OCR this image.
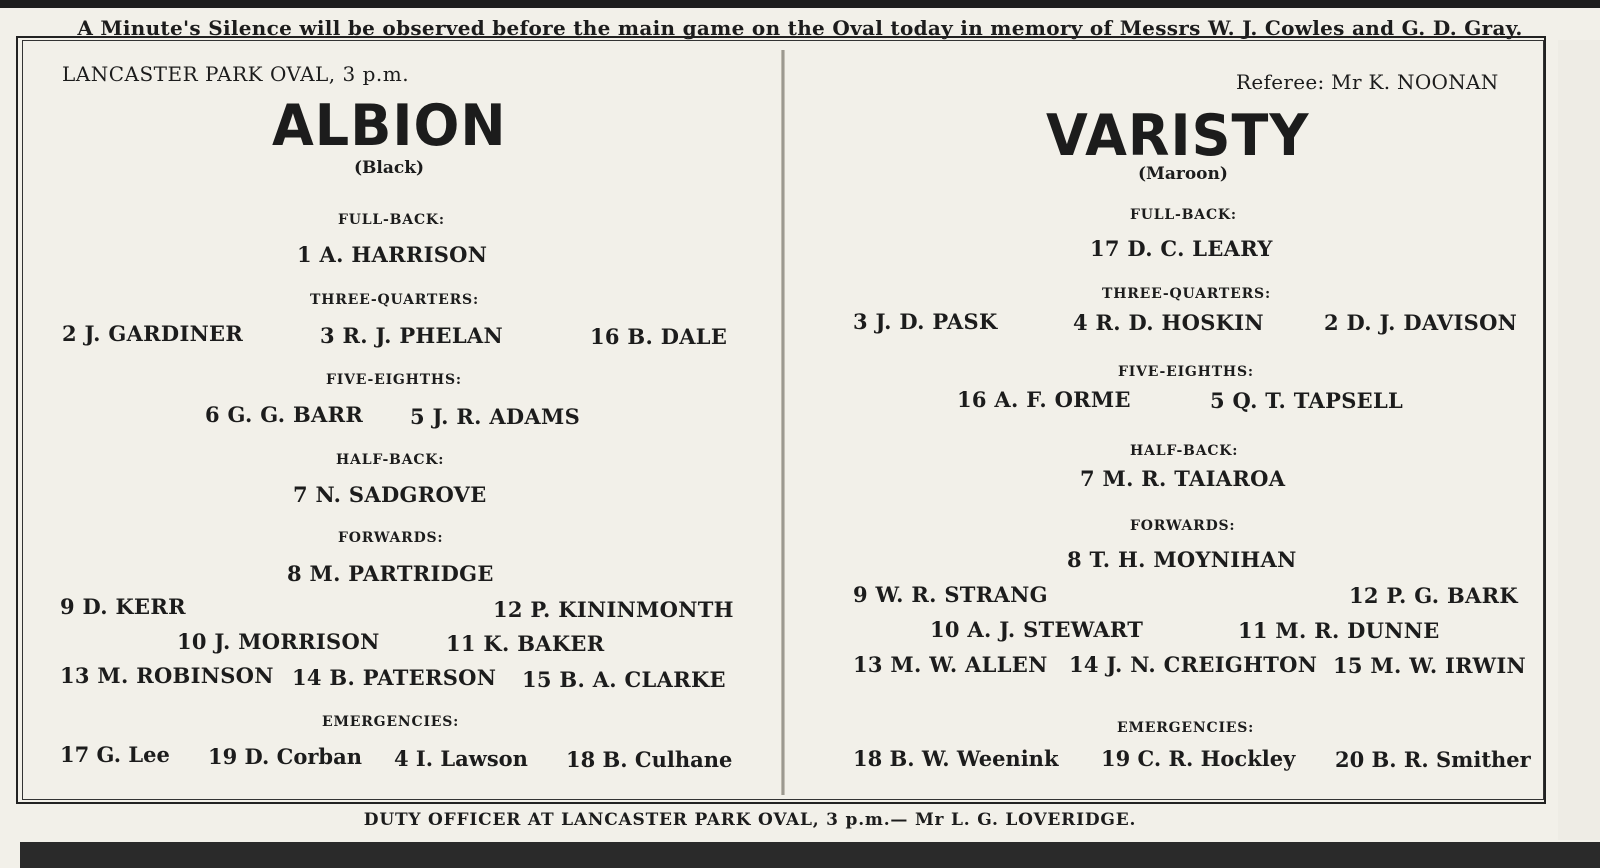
A Minute's Silence will be observed before the main game on the Oval today in memory of Messrs W. J. Cowles and G. D. Gray.
LANCASTER PARK OVAL, 3 p.m.
ALBION
(Black)
FULL-BACK:
1 A. HARRISON
THREE-QUARTERS:
2 J. GARDINER	3 R. J. PHELAN	16 B. DALE
FIVE-EIGHTHS:
6 G. G. BARR 5 J. R. ADAMS
HALF-BACK:
7 N. SADGROVE
FORWARDS:
8 M. PARTRIDGE
9 D. KERR	12 P. KININMONTH
10 J. MORRISON	11 K. BAKER
13 M. ROBINSON 14 B. PATERSON 15 B. A. CLARKE
EMERGENCIES:
17 G. Lee 19 D. Corban 4 I. Lawson 18 B. Culhane
Referee: Mr K. NOONAN
VARISTY
(Maroon)
FULL-BACK:
17 D. C. LEARY
THREE-QUARTERS:
3 J. D. PASK	4 R. D. HOSKIN	2 D. J. DAVISON
FIVE-EIGHTHS:
16 A. F. ORME	5 Q. T. TAPSELL
HALF-BACK:
7 M. R. TAIAROA
FORWARDS:
8 T. H. MOYNIHAN
9 W. R. STRANG	12 P. G. BARK
10 A. J. STEWART	11 M. R. DUNNE
13 M. W. ALLEN 14 J. N. CREIGHTON 15 M. W. IRWIN
EMERGENCIES:
18 B. W. Weenink 19 C. R. Hockley 20 B. R. Smither
DUTY OFFICER AT LANCASTER PARK OVAL, 3 p.m.— Mr L. G. LOVERIDGE.
